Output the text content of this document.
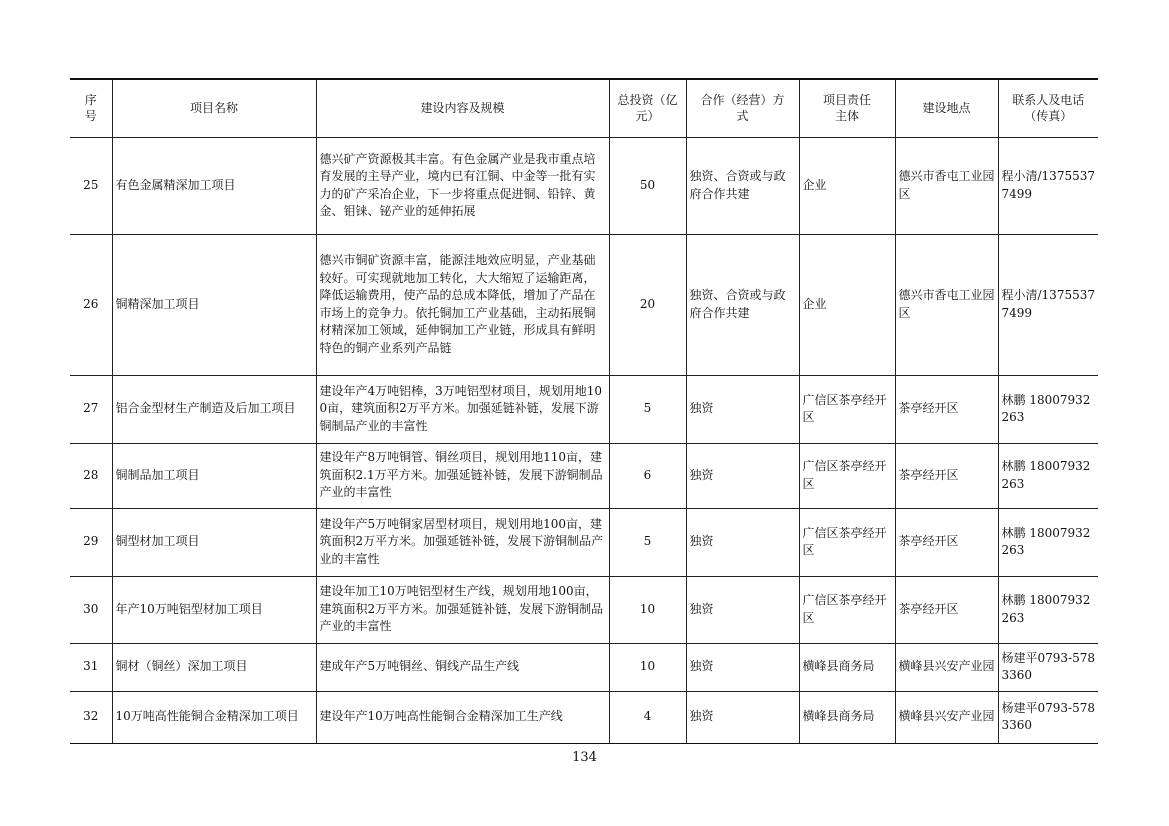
序号	项目名称	建设内容及规模	总投资（亿元）	合作（经营）方式	项目责任主体	建设地点	联系人及电话（传真）
25	有色金属精深加工项目	德兴矿产资源极其丰富。有色金属产业是我市重点培育发展的主导产业，境内已有江铜、中金等一批有实力的矿产采冶企业，下一步将重点促进铜、铅锌、黄金、钼铼、铋产业的延伸拓展	50	独资、合资或与政府合作共建	企业	德兴市香屯工业园区	程小清/13755377499
26	铜精深加工项目	德兴市铜矿资源丰富，能源洼地效应明显，产业基础较好。可实现就地加工转化，大大缩短了运输距离，降低运输费用，使产品的总成本降低，增加了产品在市场上的竞争力。依托铜加工产业基础，主动拓展铜材精深加工领域，延伸铜加工产业链，形成具有鲜明特色的铜产业系列产品链	20	独资、合资或与政府合作共建	企业	德兴市香屯工业园区	程小清/13755377499
27	铝合金型材生产制造及后加工项目	建设年产4万吨铝棒，3万吨铝型材项目，规划用地100亩，建筑面积2万平方米。加强延链补链，发展下游铜制品产业的丰富性	5	独资	广信区茶亭经开区	茶亭经开区	林鹏 18007932263
28	铜制品加工项目	建设年产8万吨铜管、铜丝项目，规划用地110亩，建筑面积2.1万平方米。加强延链补链，发展下游铜制品产业的丰富性	6	独资	广信区茶亭经开区	茶亭经开区	林鹏 18007932263
29	铜型材加工项目	建设年产5万吨铜家居型材项目，规划用地100亩，建筑面积2万平方米。加强延链补链，发展下游铜制品产业的丰富性	5	独资	广信区茶亭经开区	茶亭经开区	林鹏 18007932263
30	年产10万吨铝型材加工项目	建设年加工10万吨铝型材生产线，规划用地100亩，建筑面积2万平方米。加强延链补链，发展下游铜制品产业的丰富性	10	独资	广信区茶亭经开区	茶亭经开区	林鹏 18007932263
31	铜材（铜丝）深加工项目	建成年产5万吨铜丝、铜线产品生产线	10	独资	横峰县商务局	横峰县兴安产业园	杨建平0793-5783360
32	10万吨高性能铜合金精深加工项目	建设年产10万吨高性能铜合金精深加工生产线	4	独资	横峰县商务局	横峰县兴安产业园	杨建平0793-5783360
134
